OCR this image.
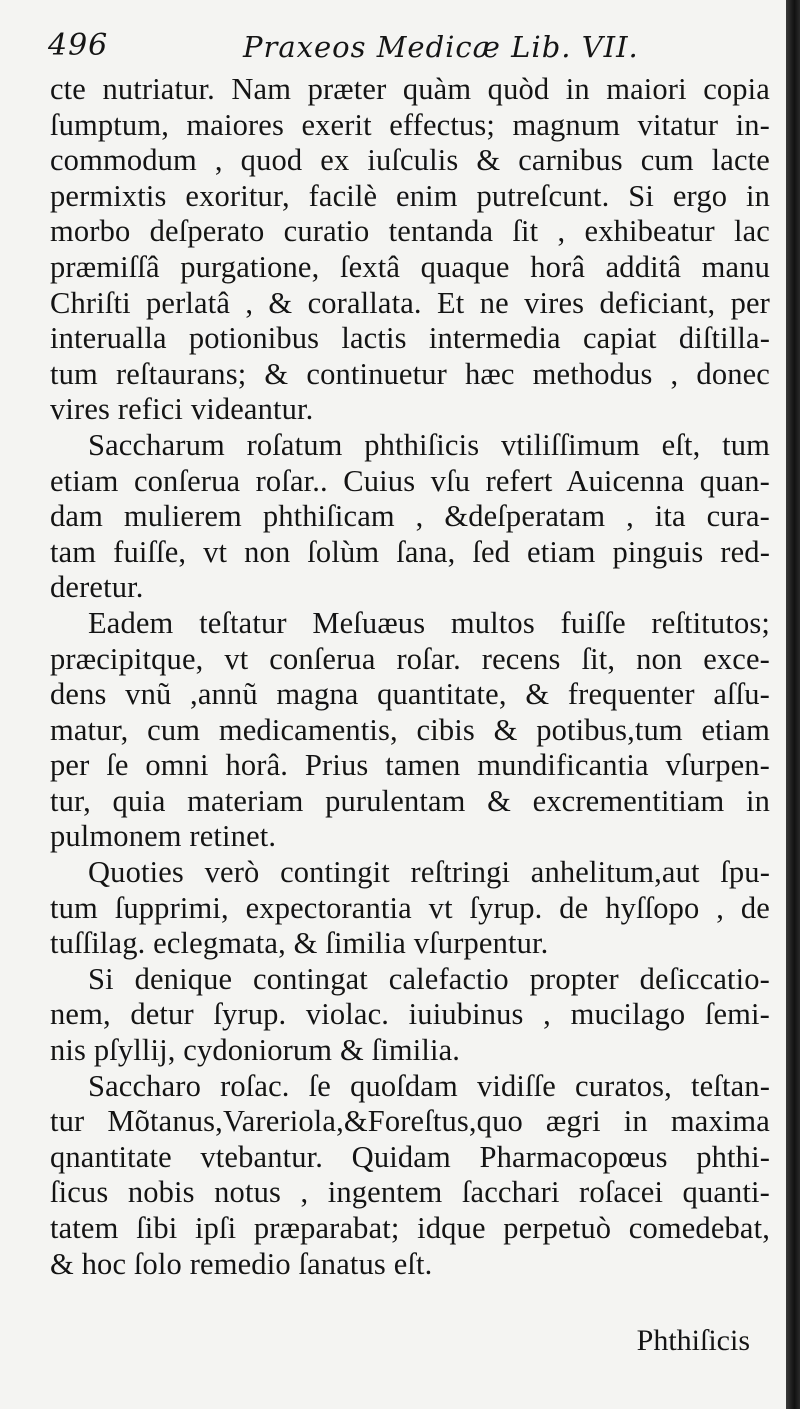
496	Praxeos Medicæ Lib. VII.
cte nutriatur. Nam præter quàm quòd in maiori copia
ſumptum, maiores exerit effectus; magnum vitatur in-
commodum , quod ex iuſculis & carnibus cum lacte
permixtis exoritur, facilè enim putreſcunt. Si ergo in
morbo deſperato curatio tentanda ſit , exhibeatur lac
præmiſſâ purgatione, ſextâ quaque horâ additâ manu
Chriſti perlatâ , & corallata. Et ne vires deficiant, per
interualla potionibus lactis intermedia capiat diſtilla-
tum reſtaurans; & continuetur hæc methodus , donec
vires refici videantur.
Saccharum roſatum phthiſicis vtiliſſimum eſt, tum
etiam conſerua roſar.. Cuius vſu refert Auicenna quan-
dam mulierem phthiſicam , &deſperatam , ita cura-
tam fuiſſe, vt non ſolùm ſana, ſed etiam pinguis red-
deretur.
Eadem teſtatur Meſuæus multos fuiſſe reſtitutos;
præcipitque, vt conſerua roſar. recens ſit, non exce-
dens vnũ ,annũ magna quantitate, & frequenter aſſu-
matur, cum medicamentis, cibis & potibus,tum etiam
per ſe omni horâ. Prius tamen mundificantia vſurpen-
tur, quia materiam purulentam & excrementitiam in
pulmonem retinet.
Quoties verò contingit reſtringi anhelitum,aut ſpu-
tum ſupprimi, expectorantia vt ſyrup. de hyſſopo , de
tuſſilag. eclegmata, & ſimilia vſurpentur.
Si denique contingat calefactio propter deſiccatio-
nem, detur ſyrup. violac. iuiubinus , mucilago ſemi-
nis pſyllij, cydoniorum & ſimilia.
Saccharo roſac. ſe quoſdam vidiſſe curatos, teſtan-
tur Mõtanus,Vareriola,&Foreſtus,quo ægri in maxima
qnantitate vtebantur. Quidam Pharmacopœus phthi-
ſicus nobis notus , ingentem ſacchari roſacei quanti-
tatem ſibi ipſi præparabat; idque perpetuò comedebat,
& hoc ſolo remedio ſanatus eſt.
Phthiſicis
